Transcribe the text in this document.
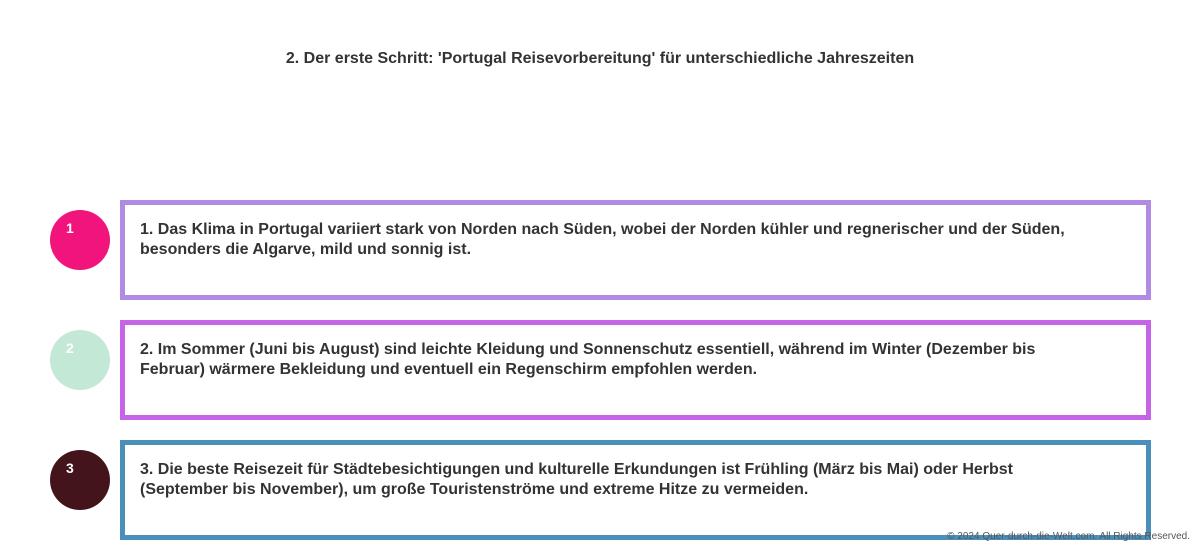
2. Der erste Schritt: 'Portugal Reisevorbereitung' für unterschiedliche Jahreszeiten
1	1. Das Klima in Portugal variiert stark von Norden nach Süden, wobei der Norden kühler und regnerischer und der Süden, besonders die Algarve, mild und sonnig ist.
2	2. Im Sommer (Juni bis August) sind leichte Kleidung und Sonnenschutz essentiell, während im Winter (Dezember bis Februar) wärmere Bekleidung und eventuell ein Regenschirm empfohlen werden.
3	3. Die beste Reisezeit für Städtebesichtigungen und kulturelle Erkundungen ist Frühling (März bis Mai) oder Herbst (September bis November), um große Touristenströme und extreme Hitze zu vermeiden.
© 2024 Quer-durch-die-Welt.com. All Rights Reserved.
